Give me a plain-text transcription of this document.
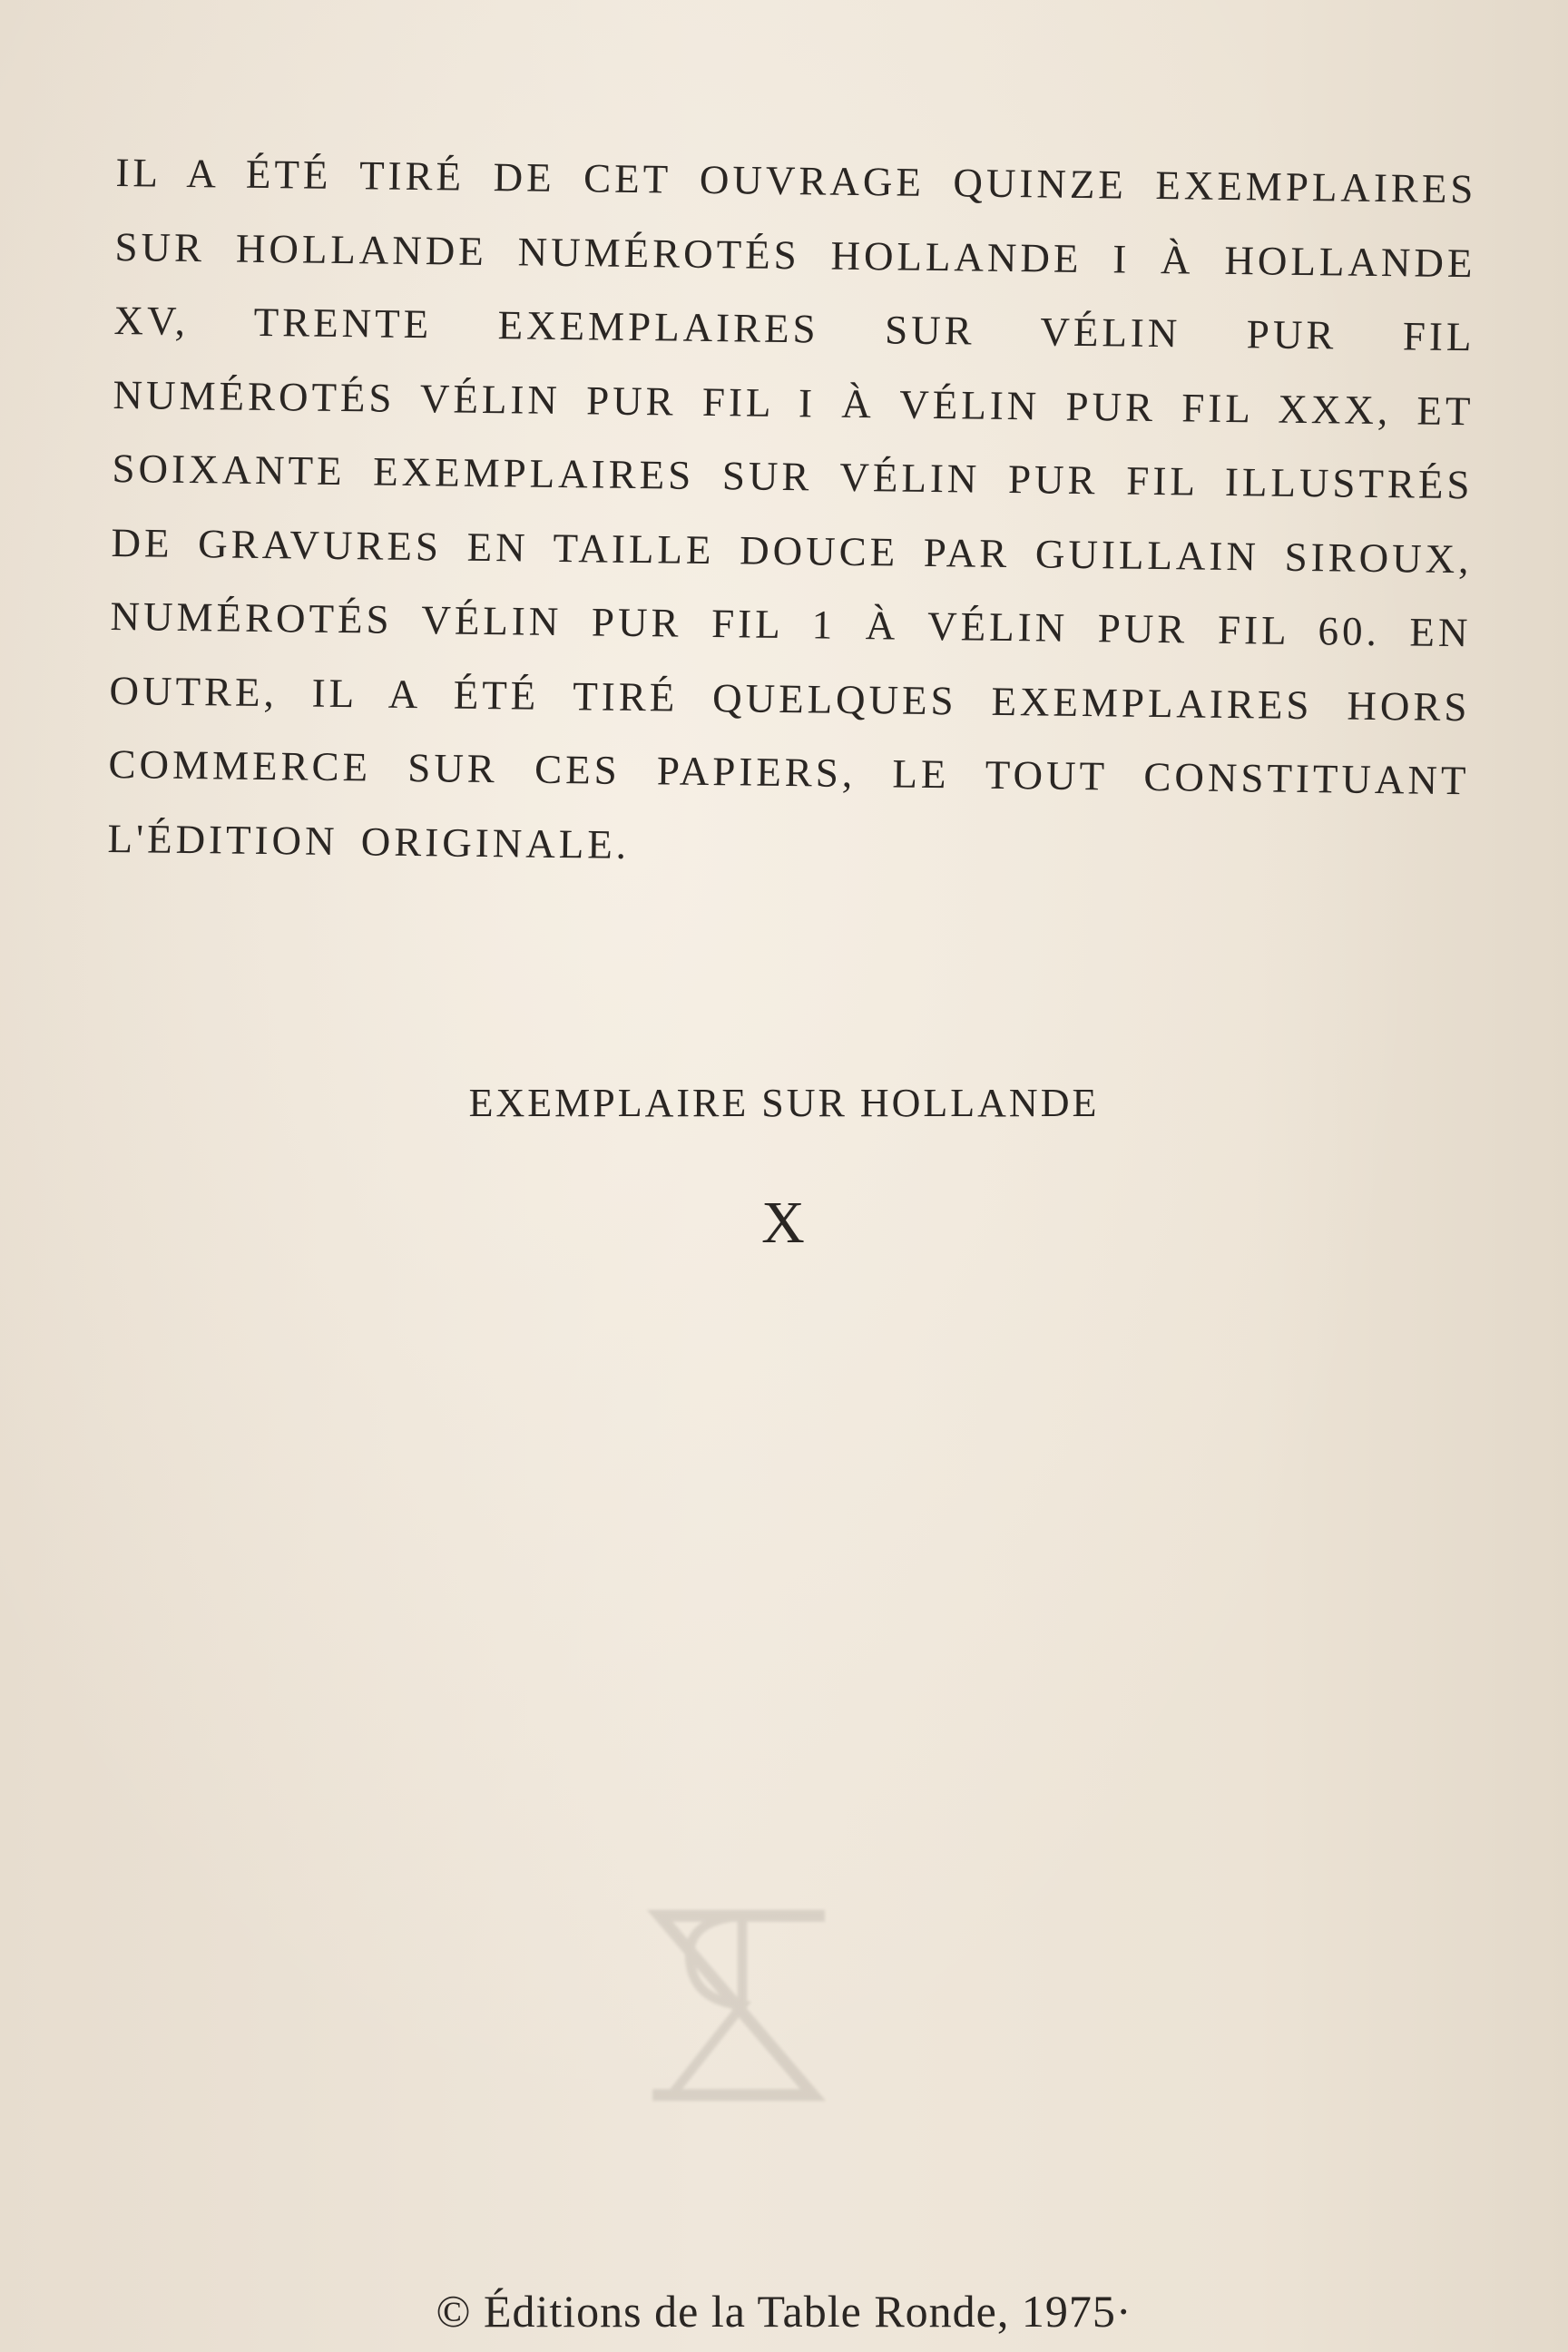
IL A ÉTÉ TIRÉ DE CET OUVRAGE QUINZE EXEMPLAIRES SUR HOLLANDE NUMÉROTÉS HOLLANDE I À HOLLANDE XV, TRENTE EXEMPLAIRES SUR VÉLIN PUR FIL NUMÉROTÉS VÉLIN PUR FIL I À VÉLIN PUR FIL XXX, ET SOIXANTE EXEMPLAIRES SUR VÉLIN PUR FIL ILLUSTRÉS DE GRAVURES EN TAILLE DOUCE PAR GUILLAIN SIROUX, NUMÉROTÉS VÉLIN PUR FIL 1 À VÉLIN PUR FIL 60. EN OUTRE, IL A ÉTÉ TIRÉ QUELQUES EXEMPLAIRES HORS COMMERCE SUR CES PAPIERS, LE TOUT CONSTITUANT L'ÉDITION ORIGINALE.

EXEMPLAIRE SUR HOLLANDE
X
© Éditions de la Table Ronde, 1975·
